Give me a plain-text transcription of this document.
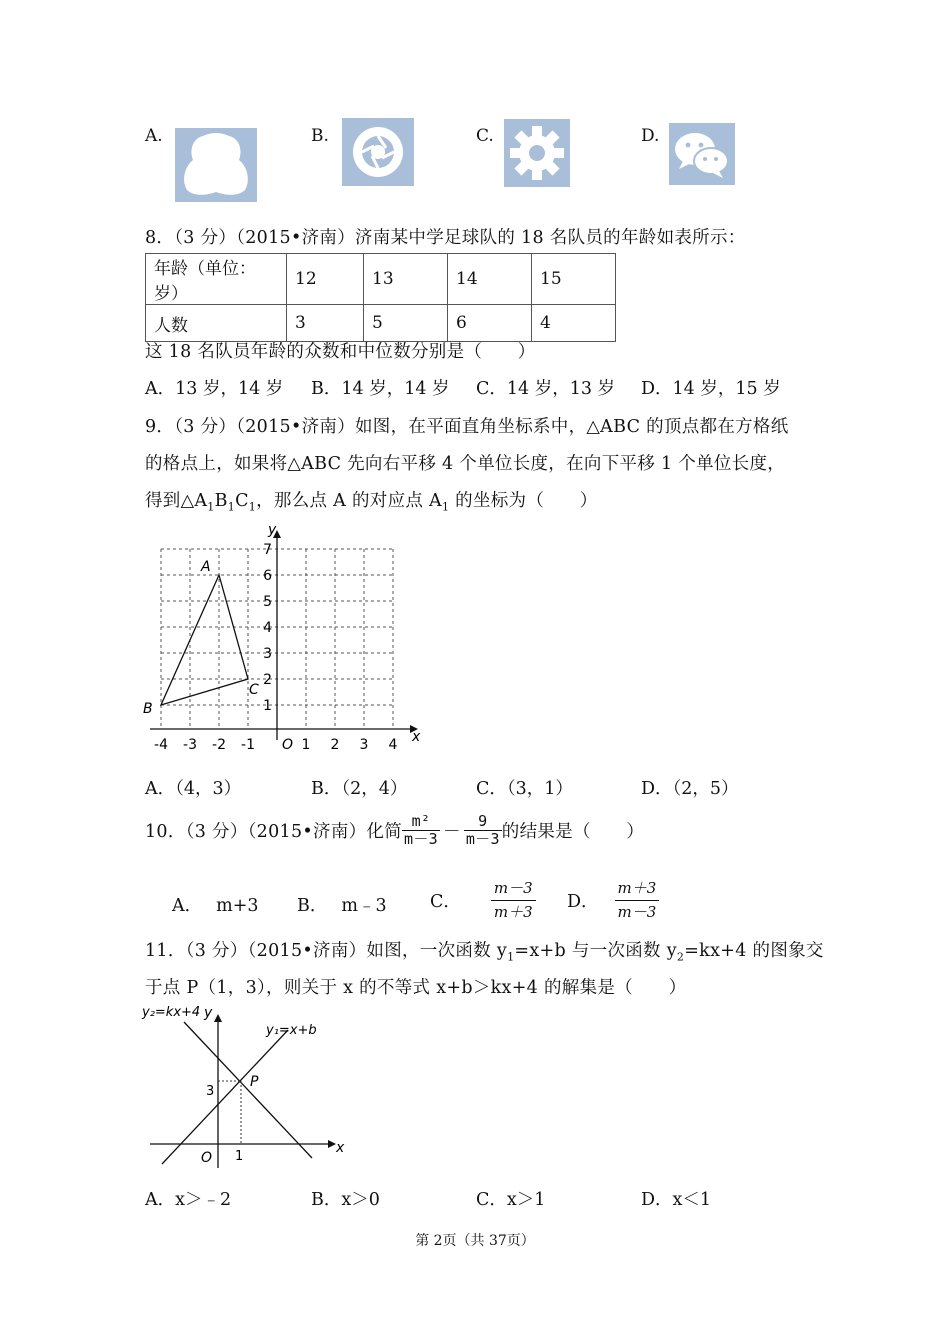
A.	B.	C.	D.
8．（3 分）（2015•济南）济南某中学足球队的 18 名队员的年龄如表所示：
年龄（单位：岁）	12	13	14	15
人数	3	5	6	4
这 18 名队员年龄的众数和中位数分别是（　　）
A．13 岁，14 岁 B．14 岁，14 岁 C．14 岁，13 岁 D．14 岁，15 岁
9．（3 分）（2015•济南）如图，在平面直角坐标系中，△ABC 的顶点都在方格纸
的格点上，如果将△ABC 先向右平移 4 个单位长度，在向下平移 1 个单位长度，
得到$\triangle A_1B_1C_1$，那么点 A 的对应点 $A_1$ 的坐标为（　　）
y
x
O
A
B
C
-4 -3 -2 -1	1 2 3 4
1
2
3
4
5
6
7
A．（4，3）	B．（2，4）	C．（3，1）	D．（2，5）
10．（3 分）（2015•济南）化简 $\frac{\text{m²}}{m-3} - \frac{9}{m-3}$ 的结果是（　　）
A． m+3 B． m﹣3 C． $\frac{m-3}{m+3}$ D． $\frac{m+3}{m-3}$
11．（3 分）（2015•济南）如图，一次函数 $y_1=x+b$ 与一次函数 $y_2=kx+4$ 的图象交
于点 P（1，3），则关于 x 的不等式 x+b＞kx+4 的解集是（　　）
y₂=kx+4 y
y₁=x+b
P
3
O 1
x
A．x＞﹣2	B．x＞0	C．x＞1	D．x＜1
第 2页（共 37页）
